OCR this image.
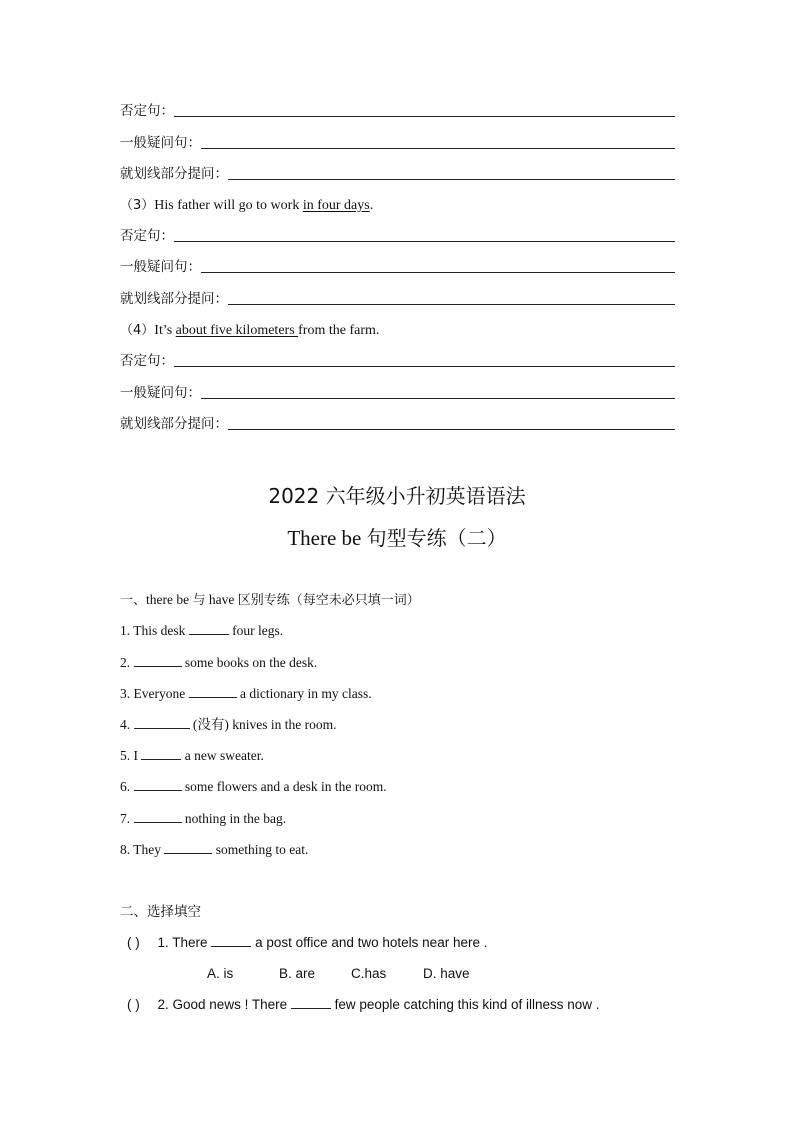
否定句：
一般疑问句：
就划线部分提问：
（3）His father will go to work in four days.
否定句：
一般疑问句：
就划线部分提问：
（4）It’s about five kilometers from the farm.
否定句：
一般疑问句：
就划线部分提问：
2022 六年级小升初英语语法
There be 句型专练（二）
一、there be 与 have 区别专练（每空未必只填一词）
1. This desk	four legs.
2.	some books on the desk.
3. Everyone	a dictionary in my class.
4.	(没有) knives in the room.
5. I	a new sweater.
6.	some flowers and a desk in the room.
7.	nothing in the bag.
8. They	something to eat.
二、选择填空
( ) 1. There	a post office and two hotels near here .
A. is	B. are	C.has	D. have
( ) 2. Good news ! There	few people catching this kind of illness now .
